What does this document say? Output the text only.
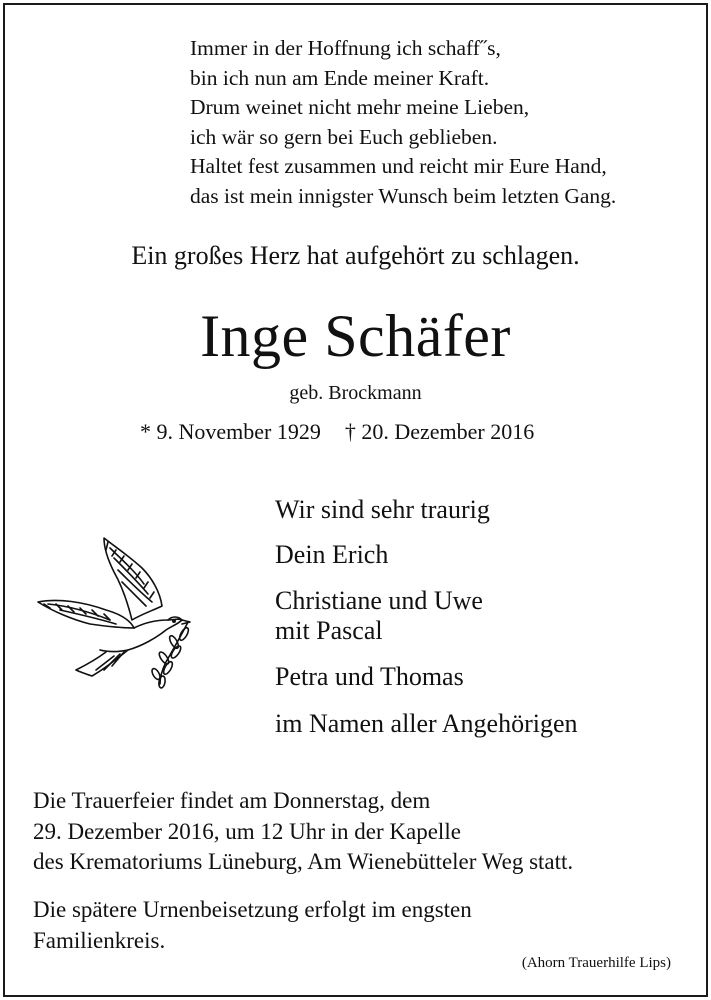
Immer in der Hoffnung ich schaff˝s,
bin ich nun am Ende meiner Kraft.
Drum weinet nicht mehr meine Lieben,
ich wär so gern bei Euch geblieben.
Haltet fest zusammen und reicht mir Eure Hand,
das ist mein innigster Wunsch beim letzten Gang.
Ein großes Herz hat aufgehört zu schlagen.
Inge Schäfer
geb. Brockmann
* 9. November 1929 † 20. Dezember 2016
Wir sind sehr traurig
Dein Erich
Christiane und Uwe
mit Pascal
Petra und Thomas
im Namen aller Angehörigen
Die Trauerfeier findet am Donnerstag, dem
29. Dezember 2016, um 12 Uhr in der Kapelle
des Krematoriums Lüneburg, Am Wienebütteler Weg statt.
Die spätere Urnenbeisetzung erfolgt im engsten
Familienkreis.
(Ahorn Trauerhilfe Lips)
